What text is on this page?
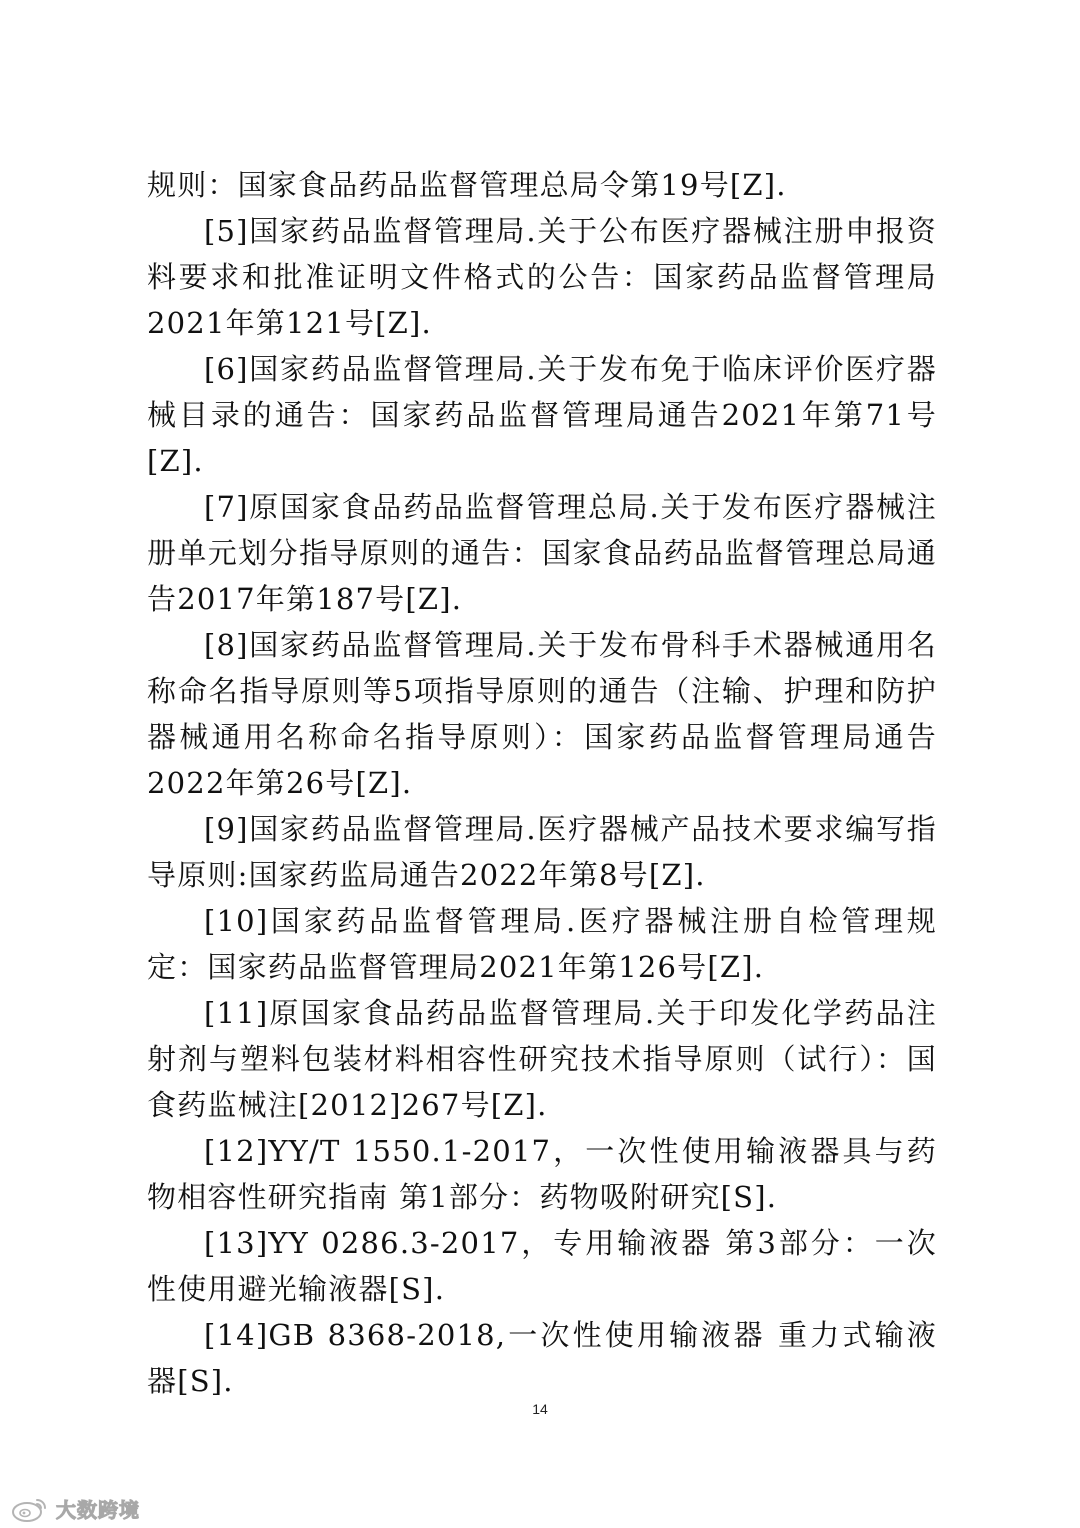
规则：国家食品药品监督管理总局令第19号[Z].

[5]国家药品监督管理局.关于公布医疗器械注册申报资料要求和批准证明文件格式的公告：国家药品监督管理局2021年第121号[Z].

[6]国家药品监督管理局.关于发布免于临床评价医疗器械目录的通告：国家药品监督管理局通告2021年第71号[Z].

[7]原国家食品药品监督管理总局.关于发布医疗器械注册单元划分指导原则的通告：国家食品药品监督管理总局通告2017年第187号[Z].

[8]国家药品监督管理局.关于发布骨科手术器械通用名称命名指导原则等5项指导原则的通告（注输、护理和防护器械通用名称命名指导原则）：国家药品监督管理局通告2022年第26号[Z].

[9]国家药品监督管理局.医疗器械产品技术要求编写指导原则:国家药监局通告2022年第8号[Z].

[10]国家药品监督管理局.医疗器械注册自检管理规定：国家药品监督管理局2021年第126号[Z].

[11]原国家食品药品监督管理局.关于印发化学药品注射剂与塑料包装材料相容性研究技术指导原则（试行）：国食药监械注[2012]267号[Z].

[12]YY/T 1550.1-2017，一次性使用输液器具与药物相容性研究指南 第1部分：药物吸附研究[S].

[13]YY 0286.3-2017，专用输液器 第3部分：一次性使用避光输液器[S].

[14]GB 8368-2018,一次性使用输液器 重力式输液器[S].

14
大数跨境
